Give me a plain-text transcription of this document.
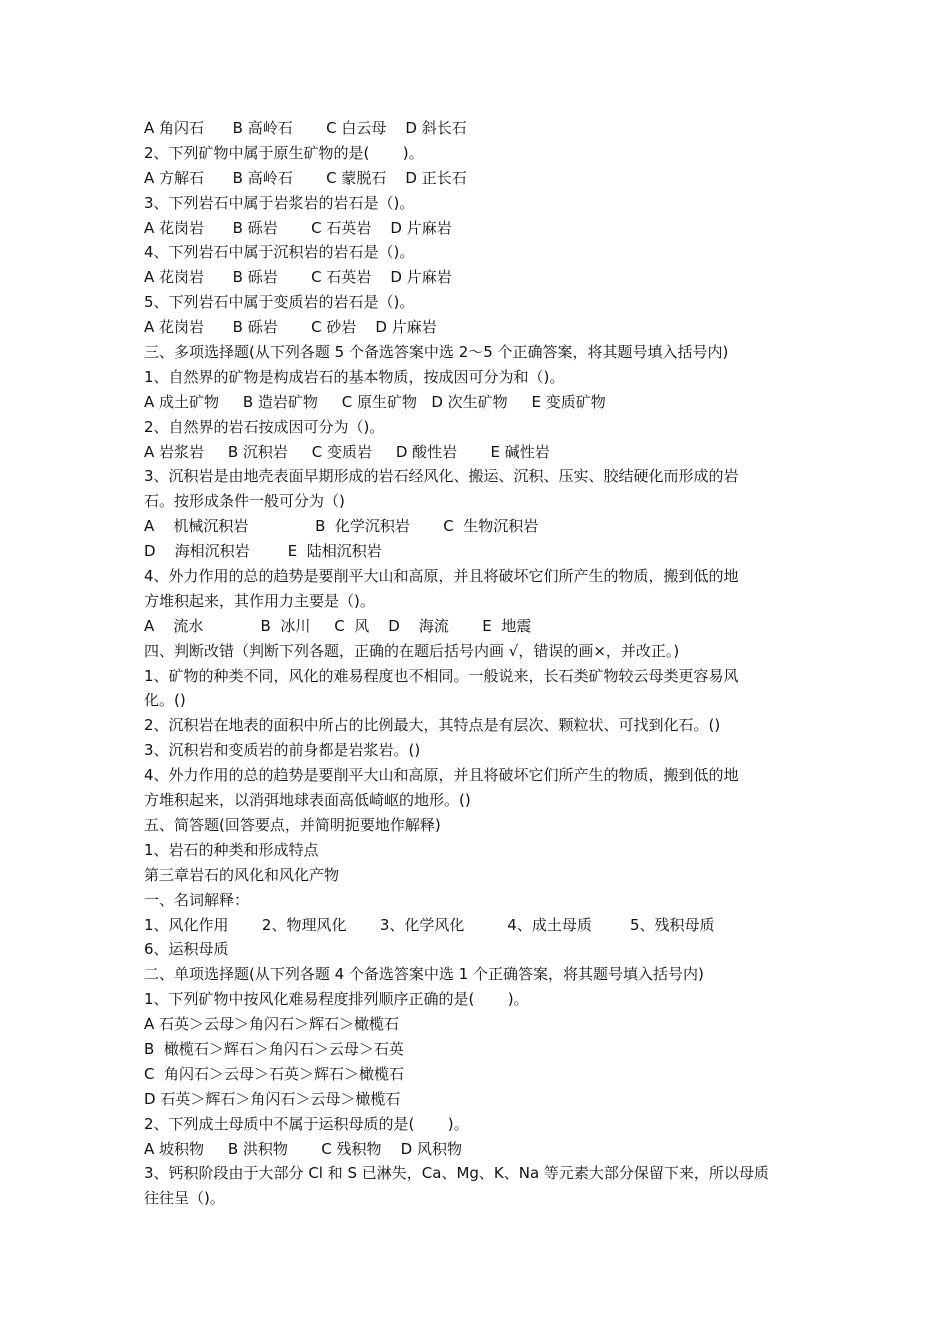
A 角闪石      B 高岭石       C 白云母    D 斜长石
2、下列矿物中属于原生矿物的是(       )。
A 方解石      B 高岭石       C 蒙脱石    D 正长石
3、下列岩石中属于岩浆岩的岩石是（)。
A 花岗岩      B 砾岩       C 石英岩    D 片麻岩
4、下列岩石中属于沉积岩的岩石是（)。
A 花岗岩      B 砾岩       C 石英岩    D 片麻岩
5、下列岩石中属于变质岩的岩石是（)。
A 花岗岩      B 砾岩       C 砂岩    D 片麻岩
三、多项选择题(从下列各题 5 个备选答案中选 2～5 个正确答案，将其题号填入括号内)
1、自然界的矿物是构成岩石的基本物质，按成因可分为和（)。
A 成土矿物     B 造岩矿物     C 原生矿物   D 次生矿物     E 变质矿物
2、自然界的岩石按成因可分为（)。
A 岩浆岩     B 沉积岩     C 变质岩     D 酸性岩       E 碱性岩
3、沉积岩是由地壳表面早期形成的岩石经风化、搬运、沉积、压实、胶结硬化而形成的岩
石。按形成条件一般可分为（)
A    机械沉积岩              B  化学沉积岩       C  生物沉积岩
D    海相沉积岩        E  陆相沉积岩
4、外力作用的总的趋势是要削平大山和高原，并且将破坏它们所产生的物质，搬到低的地
方堆积起来，其作用力主要是（)。
A    流水            B  冰川     C  风    D    海流       E  地震
四、判断改错（判断下列各题，正确的在题后括号内画 √，错误的画×，并改正。)
1、矿物的种类不同，风化的难易程度也不相同。一般说来，长石类矿物较云母类更容易风
化。()
2、沉积岩在地表的面积中所占的比例最大，其特点是有层次、颗粒状、可找到化石。()
3、沉积岩和变质岩的前身都是岩浆岩。()
4、外力作用的总的趋势是要削平大山和高原，并且将破坏它们所产生的物质，搬到低的地
方堆积起来，以消弭地球表面高低崎岖的地形。()
五、简答题(回答要点，并简明扼要地作解释)
1、岩石的种类和形成特点
第三章岩石的风化和风化产物
一、名词解释：
1、风化作用       2、物理风化       3、化学风化         4、成土母质        5、残积母质
6、运积母质
二、单项选择题(从下列各题 4 个备选答案中选 1 个正确答案，将其题号填入括号内)
1、下列矿物中按风化难易程度排列顺序正确的是(       )。
A 石英＞云母＞角闪石＞辉石＞橄榄石
B  橄榄石＞辉石＞角闪石＞云母＞石英
C  角闪石＞云母＞石英＞辉石＞橄榄石
D 石英＞辉石＞角闪石＞云母＞橄榄石
2、下列成土母质中不属于运积母质的是(       )。
A 坡积物     B 洪积物       C 残积物    D 风积物
3、钙积阶段由于大部分 Cl 和 S 已淋失，Ca、Mg、K、Na 等元素大部分保留下来，所以母质
往往呈（)。
